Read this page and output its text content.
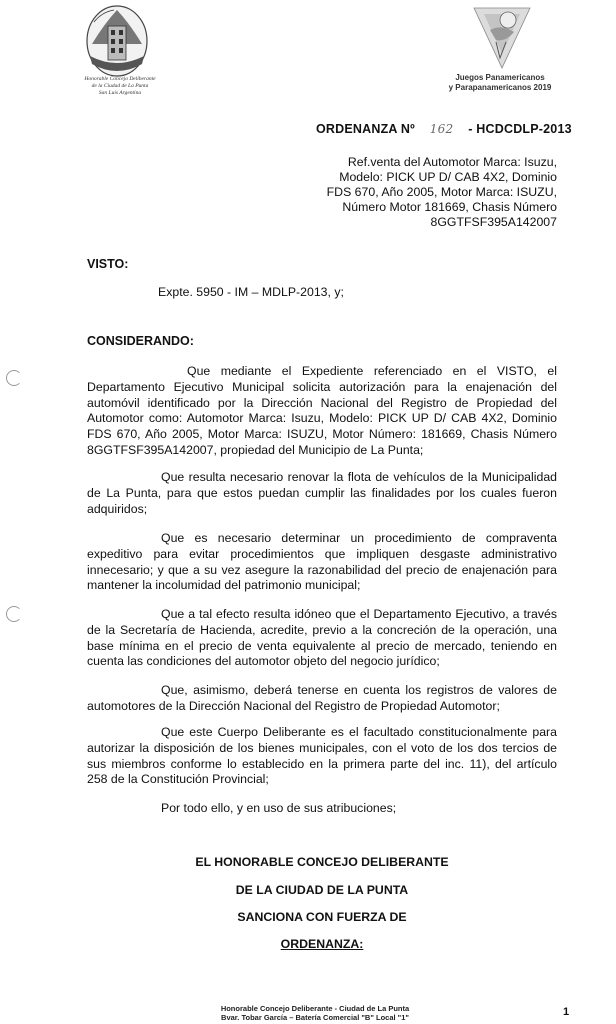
Honorable Concejo Deliberante
de la Ciudad de La Punta
San Luis Argentina
Juegos Panamericanos
y Parapanamericanos 2019
ORDENANZA Nº 162 - HCDCDLP-2013
Ref.venta del Automotor Marca: Isuzu,
Modelo: PICK UP D/ CAB 4X2, Dominio
FDS 670, Año 2005, Motor Marca: ISUZU,
Número Motor 181669, Chasis Número
8GGTFSF395A142007
VISTO:
Expte. 5950 - IM – MDLP-2013, y;
CONSIDERANDO:
Que mediante el Expediente referenciado en el VISTO, el
Departamento Ejecutivo Municipal solicita autorización para la enajenación del
automóvil identificado por la Dirección Nacional del Registro de Propiedad del
Automotor como: Automotor Marca: Isuzu, Modelo: PICK UP D/ CAB 4X2, Dominio
FDS 670, Año 2005, Motor Marca: ISUZU, Motor Número: 181669, Chasis Número
8GGTFSF395A142007, propiedad del Municipio de La Punta;
Que resulta necesario renovar la flota de vehículos de la Municipalidad
de La Punta, para que estos puedan cumplir las finalidades por los cuales fueron
adquiridos;
Que es necesario determinar un procedimiento de compraventa
expeditivo para evitar procedimientos que impliquen desgaste administrativo
innecesario; y que a su vez asegure la razonabilidad del precio de enajenación para
mantener la incolumidad del patrimonio municipal;
Que a tal efecto resulta idóneo que el Departamento Ejecutivo, a través
de la Secretaría de Hacienda, acredite, previo a la concreción de la operación, una
base mínima en el precio de venta equivalente al precio de mercado, teniendo en
cuenta las condiciones del automotor objeto del negocio jurídico;
Que, asimismo, deberá tenerse en cuenta los registros de valores de
automotores de la Dirección Nacional del Registro de Propiedad Automotor;
Que este Cuerpo Deliberante es el facultado constitucionalmente para
autorizar la disposición de los bienes municipales, con el voto de los dos tercios de
sus miembros conforme lo establecido en la primera parte del inc. 11), del artículo
258 de la Constitución Provincial;
Por todo ello, y en uso de sus atribuciones;
EL HONORABLE CONCEJO DELIBERANTE
DE LA CIUDAD DE LA PUNTA
SANCIONA CON FUERZA DE
ORDENANZA:
Honorable Concejo Deliberante - Ciudad de La Punta
Bvar. Tobar García – Batería Comercial "B" Local "1"	1
